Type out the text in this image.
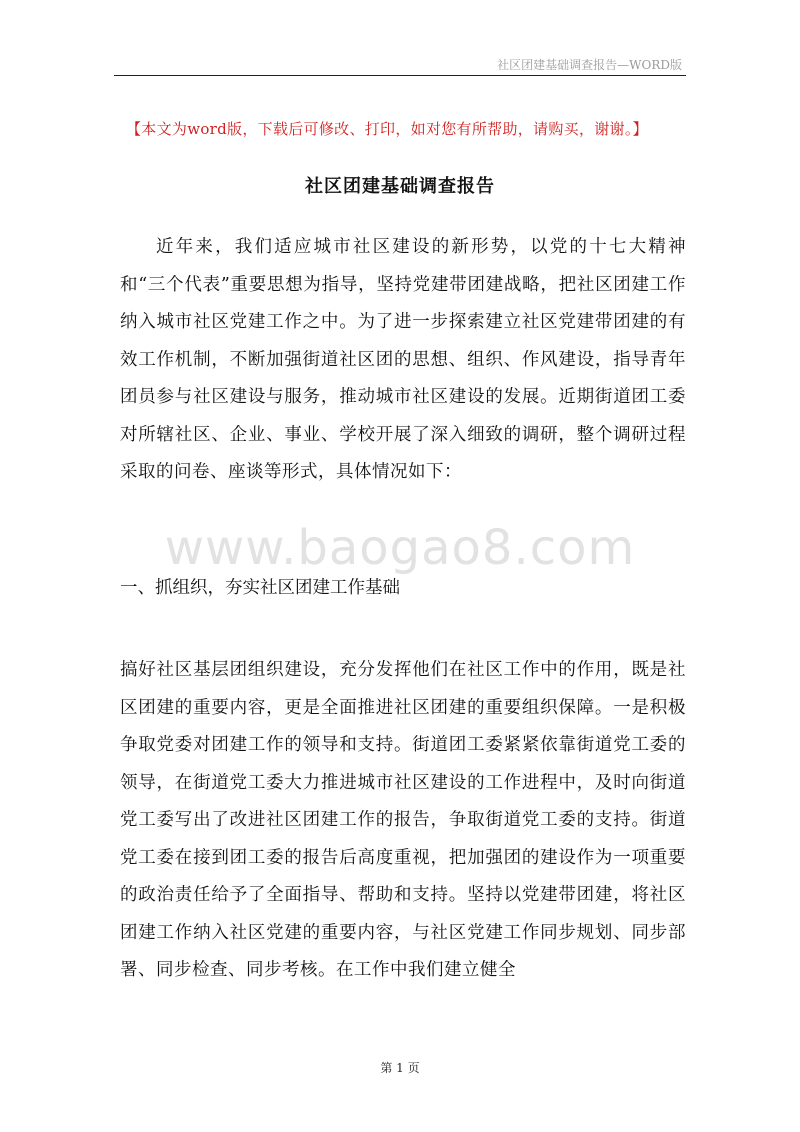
社区团建基础调查报告—WORD版
【本文为word版，下载后可修改、打印，如对您有所帮助，请购买，谢谢。】
社区团建基础调查报告

近年来，我们适应城市社区建设的新形势，以党的十七大精神和“三个代表”重要思想为指导，坚持党建带团建战略，把社区团建工作纳入城市社区党建工作之中。为了进一步探索建立社区党建带团建的有效工作机制，不断加强街道社区团的思想、组织、作风建设，指导青年团员参与社区建设与服务，推动城市社区建设的发展。近期街道团工委对所辖社区、企业、事业、学校开展了深入细致的调研，整个调研过程采取的问卷、座谈等形式，具体情况如下：

www.baogao8.com
一、抓组织，夯实社区团建工作基础

搞好社区基层团组织建设，充分发挥他们在社区工作中的作用，既是社区团建的重要内容，更是全面推进社区团建的重要组织保障。一是积极争取党委对团建工作的领导和支持。街道团工委紧紧依靠街道党工委的领导，在街道党工委大力推进城市社区建设的工作进程中，及时向街道党工委写出了改进社区团建工作的报告，争取街道党工委的支持。街道党工委在接到团工委的报告后高度重视，把加强团的建设作为一项重要的政治责任给予了全面指导、帮助和支持。坚持以党建带团建，将社区团建工作纳入社区党建的重要内容，与社区党建工作同步规划、同步部署、同步检查、同步考核。在工作中我们建立健全

第 1 页
